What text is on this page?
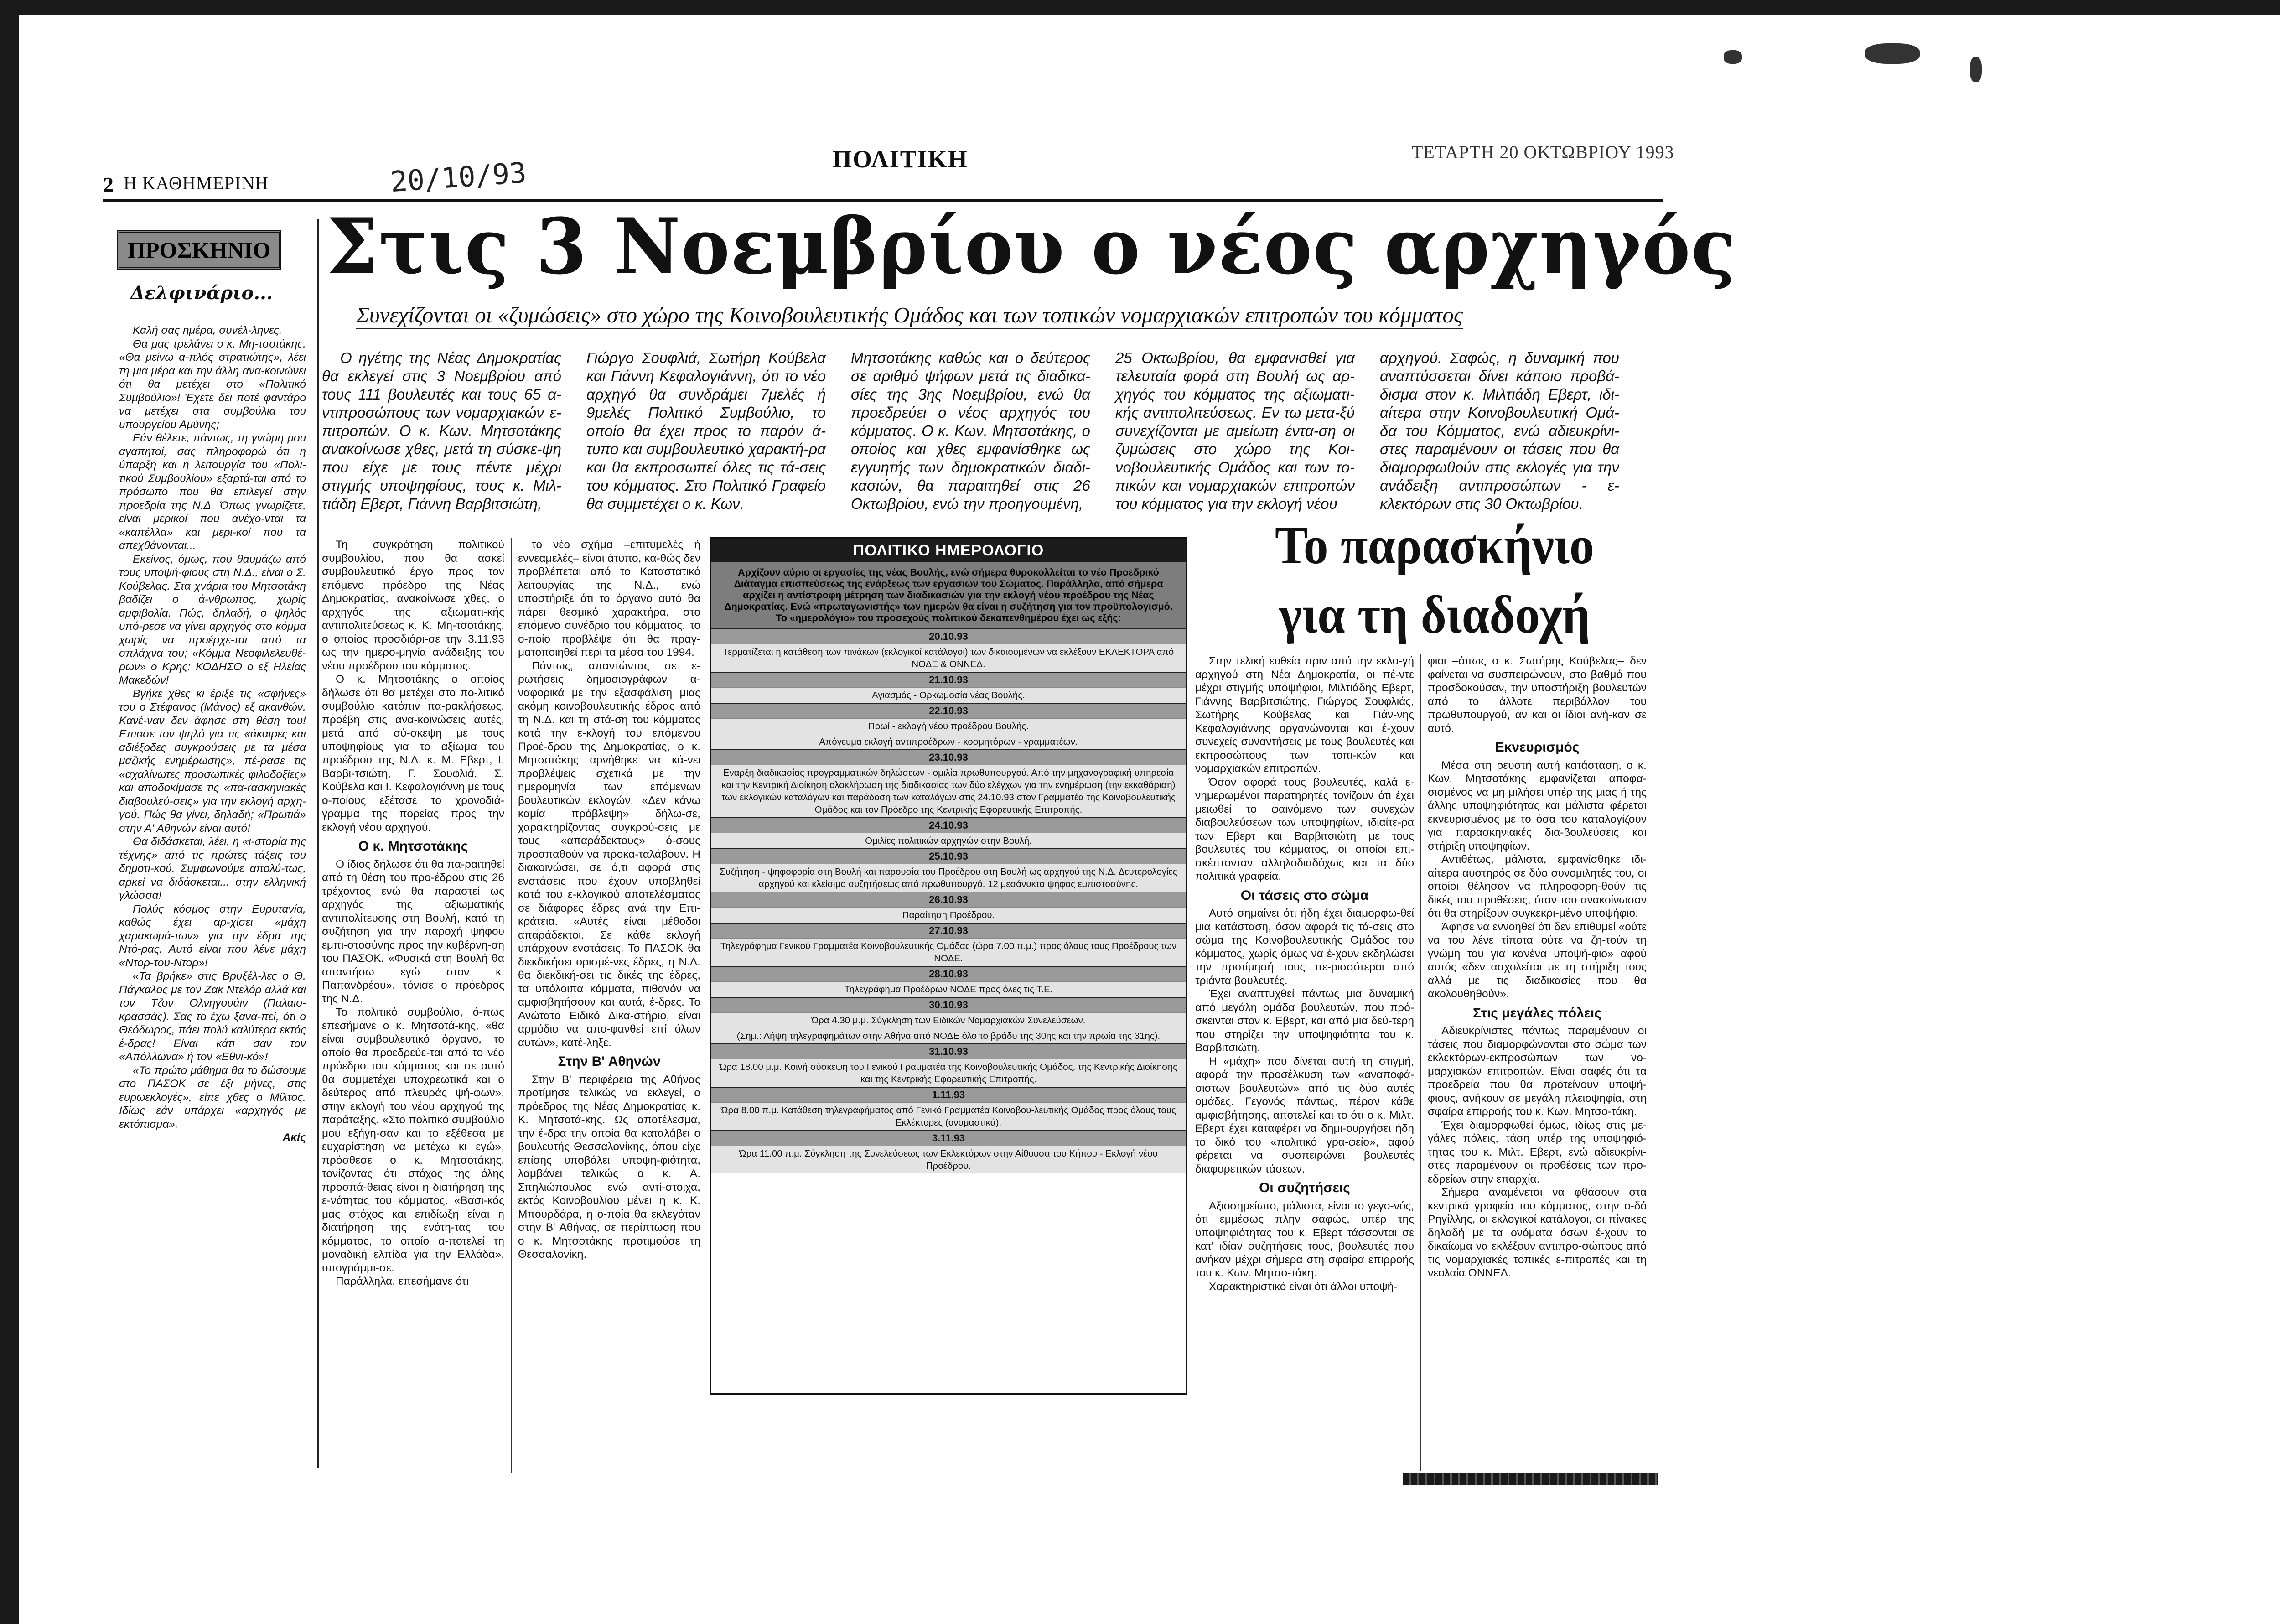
2 Η ΚΑΘΗΜΕΡΙΝΗ	20/10/93	ΠΟΛΙΤΙΚΗ	ΤΕΤΑΡΤΗ 20 ΟΚΤΩΒΡΙΟΥ 1993
ΠΡΟΣΚΗΝΙΟ
Δελφινάριο...

Καλή σας ημέρα, συνέλ-ληνες.

Θα μας τρελάνει ο κ. Μη-τσοτάκης. «Θα μείνω α-πλός στρατιώτης», λέει τη μια μέρα και την άλλη ανα-κοινώνει ότι θα μετέχει στο «Πολιτικό Συμβούλιο»! Έχετε δει ποτέ φαντάρο να μετέχει στα συμβούλια του υπουργείου Αμύνης;

Εάν θέλετε, πάντως, τη γνώμη μου αγαπητοί, σας πληροφορώ ότι η ύπαρξη και η λειτουργία του «Πολι-τικού Συμβουλίου» εξαρτά-ται από το πρόσωπο που θα επιλεγεί στην προεδρία της Ν.Δ. Όπως γνωρίζετε, είναι μερικοί που ανέχο-νται τα «καπέλλα» και μερι-κοί που τα απεχθάνονται...

Εκείνος, όμως, που θαυμάζω από τους υποψή-φιους στη Ν.Δ., είναι ο Σ. Κούβελας. Στα χνάρια του Μητσοτάκη βαδίζει ο ά-νθρωπος, χωρίς αμφιβολία. Πώς, δηλαδή, ο ψηλός υπό-ρεσε να γίνει αρχηγός στο κόμμα χωρίς να προέρχε-ται από τα σπλάχνα του; «Κόμμα Νεοφιλελευθέ-ρων» ο Κρης: ΚΟΔΗΣΟ ο εξ Ηλείας Μακεδών!

Βγήκε χθες κι έριξε τις «σφήνες» του ο Στέφανος (Μάνος) εξ ακανθών. Κανέ-ναν δεν άφησε στη θέση του! Επιασε τον ψηλό για τις «άκαιρες και αδιέξοδες συγκρούσεις με τα μέσα μαζικής ενημέρωσης», πέ-ρασε τις «αχαλίνωτες προσωπικές φιλοδοξίες» και αποδοκίμασε τις «πα-rασκηνιακές διαβουλεύ-σεις» για την εκλογή αρχη-γού. Πώς θα γίνει, δηλαδή; «Πρωτιά» στην Α' Αθηνών είναι αυτό!

Θα διδάσκεται, λέει, η «ι-στορία της τέχνης» από τις πρώτες τάξεις του δημοτι-κού. Συμφωνούμε απολύ-τως, αρκεί να διδάσκεται... στην ελληνική γλώσσα!

Πολύς κόσμος στην Ευρυτανία, καθώς έχει αρ-χίσει «μάχη χαρακωμά-των» για την έδρα της Ντό-ρας. Αυτό είναι που λένε μάχη «Ντορ-του-Ντορ»!

«Τα βρήκε» στις Βρυξέλ-λες ο Θ. Πάγκαλος με τον Ζακ Ντελόρ αλλά και τον Τζον Ολνηγουάιν (Παλαιο-κρασσάς). Σας το έχω ξανα-πεί, ότι ο Θεόδωρος, πάει πολύ καλύτερα εκτός έ-δρας! Είναι κάτι σαν τον «Απόλλωνα» ή τον «Εθνι-κό»!

«Το πρώτο μάθημα θα το δώσουμε στο ΠΑΣΟΚ σε έξι μήνες, στις ευρωεκλογές», είπε χθες ο Μίλτος. Ιδίως εάν υπάρχει «αρχηγός με εκτόπισμα».

Ακίς
Στις 3 Νοεμβρίου ο νέος αρχηγός
Συνεχίζονται οι «ζυμώσεις» στο χώρο της Κοινοβουλευτικής Ομάδος και των τοπικών νομαρχιακών επιτροπών του κόμματος

Ο ηγέτης της Νέας Δημοκρατίας θα εκλεγεί στις 3 Νοεμβρίου από τους 111 βουλευτές και τους 65 α-ντιπροσώπους των νομαρχιακών ε-πιτροπών. Ο κ. Κων. Μητσοτάκης ανακοίνωσε χθες, μετά τη σύσκε-ψη που είχε με τους πέντε μέχρι στιγμής υποψηφίους, τους κ. Μιλ-τιάδη Εβερτ, Γιάννη Βαρβιτσιώτη,

Γιώργο Σουφλιά, Σωτήρη Κούβελα και Γιάννη Κεφαλογιάννη, ότι το νέο αρχηγό θα συνδράμει 7μελές ή 9μελές Πολιτικό Συμβούλιο, το οποίο θα έχει προς το παρόν ά-τυπο και συμβουλευτικό χαρακτή-ρα και θα εκπροσωπεί όλες τις τά-σεις του κόμματος. Στο Πολιτικό Γραφείο θα συμμετέχει ο κ. Κων.

Μητσοτάκης καθώς και ο δεύτερος σε αριθμό ψήφων μετά τις διαδικα-σίες της 3ης Νοεμβρίου, ενώ θα προεδρεύει ο νέος αρχηγός του κόμματος. Ο κ. Κων. Μητσοτάκης, ο οποίος και χθες εμφανίσθηκε ως εγγυητής των δημοκρατικών διαδι-κασιών, θα παραιτηθεί στις 26 Οκτωβρίου, ενώ την προηγουμένη,

25 Οκτωβρίου, θα εμφανισθεί για τελευταία φορά στη Βουλή ως αρ-χηγός του κόμματος της αξιωματι-κής αντιπολιτεύσεως. Εν τω μετα-ξύ συνεχίζονται με αμείωτη έντα-ση οι ζυμώσεις στο χώρο της Κοι-νοβουλευτικής Ομάδος και των το-πικών και νομαρχιακών επιτροπών του κόμματος για την εκλογή νέου

αρχηγού. Σαφώς, η δυναμική που αναπτύσσεται δίνει κάποιο προβά-δισμα στον κ. Μιλτιάδη Εβερτ, ιδι-αίτερα στην Κοινοβουλευτική Ομά-δα του Κόμματος, ενώ αδιευκρίνι-στες παραμένουν οι τάσεις που θα διαμορφωθούν στις εκλογές για την ανάδειξη αντιπροσώπων - ε-κλεκτόρων στις 30 Οκτωβρίου.

Τη συγκρότηση πολιτικού συμβουλίου, που θα ασκεί συμβουλευτικό έργο προς τον επόμενο πρόεδρο της Νέας Δημοκρατίας, ανακοίνωσε χθες, ο αρχηγός της αξιωματι-κής αντιπολιτεύσεως κ. Κ. Μη-τσοτάκης, ο οποίος προσδιόρι-σε την 3.11.93 ως την ημερο-μηνία ανάδειξης του νέου προέδρου του κόμματος.

Ο κ. Μητσοτάκης ο οποίος δήλωσε ότι θα μετέχει στο πο-λιτικό συμβούλιο κατόπιν πα-ρακλήσεως, προέβη στις ανα-κοινώσεις αυτές, μετά από σύ-σκεψη με τους υποψηφίους για το αξίωμα του προέδρου της Ν.Δ. κ. Μ. Εβερτ, Ι. Βαρβι-τσιώτη, Γ. Σουφλιά, Σ. Κούβελα και Ι. Κεφαλογιάννη με τους ο-ποίους εξέτασε το χρονοδιά-γραμμα της πορείας προς την εκλογή νέου αρχηγού.

Ο κ. Μητσοτάκης

Ο ίδιος δήλωσε ότι θα πα-ραιτηθεί από τη θέση του προ-έδρου στις 26 τρέχοντος ενώ θα παραστεί ως αρχηγός της αξιωματικής αντιπολίτευσης στη Βουλή, κατά τη συζήτηση για την παροχή ψήφου εμπι-στοσύνης προς την κυβέρνη-ση του ΠΑΣΟΚ. «Φυσικά στη Βουλή θα απαντήσω εγώ στον κ. Παπανδρέου», τόνισε ο πρόεδρος της Ν.Δ.

Το πολιτικό συμβούλιο, ό-πως επεσήμανε ο κ. Μητσοτά-κης, «θα είναι συμβουλευτικό όργανο, το οποίο θα προεδρεύε-ται από το νέο πρόεδρο του κόμματος και σε αυτό θα συμμετέχει υποχρεωτικά και ο δεύτερος από πλευράς ψή-φων», στην εκλογή του νέου αρχηγού της παράταξης. «Στο πολιτικό συμβούλιο μου εξήγη-σαν και το εξέθεσα με ευχαρίστηση να μετέχω κι εγώ», πρόσθεσε ο κ. Μητσοτάκης, τονίζοντας ότι στόχος της όλης προσπά-θειας είναι η διατήρηση της ε-νότητας του κόμματος. «Βασι-κός μας στόχος και επιδίωξη είναι η διατήρηση της ενότη-τας του κόμματος, το οποίο α-ποτελεί τη μοναδική ελπίδα για την Ελλάδα», υπογράμμι-σε.

Παράλληλα, επεσήμανε ότι

το νέο σχήμα –επιτυμελές ή εννεαμελές– είναι άτυπο, κα-θώς δεν προβλέπεται από το Καταστατικό λειτουργίας της Ν.Δ., ενώ υποστήριξε ότι το όργανο αυτό θα πάρει θεσμικό χαρακτήρα, στο επόμενο συνέδριο του κόμματος, το ο-ποίο προβλέψε ότι θα πραγ-ματοποιηθεί περί τα μέσα του 1994.

Πάντως, απαντώντας σε ε-ρωτήσεις δημοσιογράφων α-ναφορικά με την εξασφάλιση μιας ακόμη κοινοβουλευτικής έδρας από τη Ν.Δ. και τη στά-ση του κόμματος κατά την ε-κλογή του επόμενου Προέ-δρου της Δημοκρατίας, ο κ. Μητσοτάκης αρνήθηκε να κά-νει προβλέψεις σχετικά με την ημερομηνία των επόμενων βουλευτικών εκλογών. «Δεν κάνω καμία πρόβλεψη» δήλω-σε, χαρακτηρίζοντας συγκρού-σεις με τους «απαράδεκτους» ό-σους προσπαθούν να προκα-ταλάβουν. Η διακοινώσει, σε ό,τι αφορά στις ενστάσεις που έχουν υποβληθεί κατά του ε-κλογικού αποτελέσματος σε διάφορες έδρες ανά την Επι-κράτεια. «Αυτές είναι μέθοδοι απαράδεκτοι. Σε κάθε εκλογή υπάρχουν ενστάσεις. Το ΠΑΣΟΚ θα διεκδικήσει ορισμέ-νες έδρες, η Ν.Δ. θα διεκδική-σει τις δικές της έδρες, τα υπόλοιπα κόμματα, πιθανόν να αμφισβητήσουν και αυτά, έ-δρες. Το Ανώτατο Ειδικό Δικα-στήριο, είναι αρμόδιο να απο-φανθεί επί όλων αυτών», κατέ-ληξε.

Στην Β' Αθηνών

Στην Β' περιφέρεια της Αθήνας προτίμησε τελικώς να εκλεγεί, ο πρόεδρος της Νέας Δημοκρατίας κ. Κ. Μητσοτά-κης. Ως αποτέλεσμα, την έ-δρα την οποία θα καταλάβει ο βουλευτής Θεσσαλονίκης, όπου είχε επίσης υποβάλει υποψη-φιότητα, λαμβάνει τελικώς ο κ. Α. Σπηλιώπουλος ενώ αντί-στοιχα, εκτός Κοινοβουλίου μένει η κ. Κ. Μπουρδάρα, η ο-ποία θα εκλεγόταν στην Β' Αθήνας, σε περίπτωση που ο κ. Μητσοτάκης προτιμούσε τη Θεσσαλονίκη.

ΠΟΛΙΤΙΚΟ ΗΜΕΡΟΛΟΓΙΟ
Αρχίζουν αύριο οι εργασίες της νέας Βουλής, ενώ σήμερα θυροκολλείται το νέο Προεδρικό Διάταγμα επισπεύσεως της ενάρξεως των εργασιών του Σώματος. Παράλληλα, από σήμερα αρχίζει η αντίστροφη μέτρηση των διαδικασιών για την εκλογή νέου προέδρου της Νέας Δημοκρατίας. Ενώ «πρωταγωνιστής» των ημερών θα είναι η συζήτηση για τον προϋπολογισμό. Το «ημερολόγιο» του προσεχούς πολιτικού δεκαπενθημέρου έχει ως εξής:
20.10.93
Τερματίζεται η κατάθεση των πινάκων (εκλογικοί κατάλογοι) των δικαιουμένων να εκλέξουν ΕΚΛΕΚΤΟΡΑ από ΝΟΔΕ & ΟΝΝΕΔ.
21.10.93
Αγιασμός - Ορκωμοσία νέας Βουλής.
22.10.93
Πρωί - εκλογή νέου προέδρου Βουλής.
Απόγευμα εκλογή αντιπροέδρων - κοσμητόρων - γραμματέων.
23.10.93
Εναρξη διαδικασίας προγραμματικών δηλώσεων - ομιλία πρωθυπουργού. Από την μηχανογραφική υπηρεσία και την Κεντρική Διοίκηση ολοκλήρωση της διαδικασίας των δύο ελέγχων για την ενημέρωση (την εκκαθάριση) των εκλογικών καταλόγων και παράδοση των καταλόγων στις 24.10.93 στον Γραμματέα της Κοινοβουλευτικής Ομάδος και τον Πρόεδρο της Κεντρικής Εφορευτικής Επιτροπής.
24.10.93
Ομιλίες πολιτικών αρχηγών στην Βουλή.
25.10.93
Συζήτηση - ψηφοφορία στη Βουλή και παρουσία του Προέδρου στη Βουλή ως αρχηγού της Ν.Δ. Δευτερολογίες αρχηγού και κλείσιμο συζητήσεως από πρωθυπουργό. 12 μεσάνυκτα ψήφος εμπιστοσύνης.
26.10.93
Παραίτηση Προέδρου.
27.10.93
Τηλεγράφημα Γενικού Γραμματέα Κοινοβουλευτικής Ομάδας (ώρα 7.00 π.μ.) προς όλους τους Προέδρους των ΝΟΔΕ.
28.10.93
Τηλεγράφημα Προέδρων ΝΟΔΕ προς όλες τις Τ.Ε.
30.10.93
Ώρα 4.30 μ.μ. Σύγκληση των Ειδικών Νομαρχιακών Συνελεύσεων.
(Σημ.: Λήψη τηλεγραφημάτων στην Αθήνα από ΝΟΔΕ όλο το βράδυ της 30ης και την πρωία της 31ης).
31.10.93
Ώρα 18.00 μ.μ. Κοινή σύσκεψη του Γενικού Γραμματέα της Κοινοβουλευτικής Ομάδος, της Κεντρικής Διοίκησης και της Κεντρικής Εφορευτικής Επιτροπής.
1.11.93
Ώρα 8.00 π.μ. Κατάθεση τηλεγραφήματος από Γενικό Γραμματέα Κοινοβου-λευτικής Ομάδος προς όλους τους Εκλέκτορες (ονομαστικά).
3.11.93
Ώρα 11.00 π.μ. Σύγκληση της Συνελεύσεως των Εκλεκτόρων στην Αίθουσα του Κήπου - Εκλογή νέου Προέδρου.
Το παρασκήνιο
για τη διαδοχή

Στην τελική ευθεία πριν από την εκλο-γή αρχηγού στη Νέα Δημοκρατία, οι πέ-ντε μέχρι στιγμής υποψήφιοι, Μιλτιάδης Εβερτ, Γιάννης Βαρβιτσιώτης, Γιώργος Σουφλιάς, Σωτήρης Κούβελας και Γιάν-νης Κεφαλογιάννης οργανώνονται και έ-χουν συνεχείς συναντήσεις με τους βουλευτές και εκπροσώπους των τοπι-κών και νομαρχιακών επιτροπών.

Όσον αφορά τους βουλευτές, καλά ε-νημερωμένοι παρατηρητές τονίζουν ότι έχει μειωθεί το φαινόμενο των συνεχών διαβουλεύσεων των υποψηφίων, ιδιαίτε-ρα των Εβερτ και Βαρβιτσιώτη με τους βουλευτές του κόμματος, οι οποίοι επι-σκέπτονταν αλληλοδιαδόχως και τα δύο πολιτικά γραφεία.

Οι τάσεις στο σώμα

Αυτό σημαίνει ότι ήδη έχει διαμορφω-θεί μια κατάσταση, όσον αφορά τις τά-σεις στο σώμα της Κοινοβουλευτικής Ομάδος του κόμματος, χωρίς όμως να έ-χουν εκδηλώσει την προτίμησή τους πε-ρισσότεροι από τριάντα βουλευτές.

Έχει αναπτυχθεί πάντως μια δυναμική από μεγάλη ομάδα βουλευτών, που πρό-σκεινται στον κ. Εβερτ, και από μια δεύ-τερη που στηρίζει την υποψηφιότητα του κ. Βαρβιτσιώτη.

Η «μάχη» που δίνεται αυτή τη στιγμή, αφορά την προσέλκυση των «αναποφά-σιστων βουλευτών» από τις δύο αυτές ομάδες. Γεγονός πάντως, πέραν κάθε αμφισβήτησης, αποτελεί και το ότι ο κ. Μιλτ. Εβερτ έχει καταφέρει να δημι-ουργήσει ήδη το δικό του «πολιτικό γρα-φείο», αφού φέρεται να συσπειρώνει βουλευτές διαφορετικών τάσεων.

Οι συζητήσεις

Αξιοσημείωτο, μάλιστα, είναι το γεγο-νός, ότι εμμέσως πλην σαφώς, υπέρ της υποψηφιότητας του κ. Εβερτ τάσσονται σε κατ' ιδίαν συζητήσεις τους, βουλευτές που ανήκαν μέχρι σήμερα στη σφαίρα επιρροής του κ. Κων. Μητσο-τάκη.

Χαρακτηριστικό είναι ότι άλλοι υποψή-

φιοι –όπως ο κ. Σωτήρης Κούβελας– δεν φαίνεται να συσπειρώνουν, στο βαθμό που προσδοκούσαν, την υποστήριξη βουλευτών από το άλλοτε περιβάλλον του πρωθυπουργού, αν και οι ίδιοι ανή-καν σε αυτό.

Εκνευρισμός

Μέσα στη ρευστή αυτή κατάσταση, ο κ. Κων. Μητσοτάκης εμφανίζεται αποφα-σισμένος να μη μιλήσει υπέρ της μιας ή της άλλης υποψηφιότητας και μάλιστα φέρεται εκνευρισμένος με το όσα του καταλογίζουν για παρασκηνιακές δια-βουλεύσεις και στήριξη υποψηφίων.

Αντιθέτως, μάλιστα, εμφανίσθηκε ιδι-αίτερα αυστηρός σε δύο συνομιλητές του, οι οποίοι θέλησαν να πληροφορη-θούν τις δικές του προθέσεις, όταν του ανακοίνωσαν ότι θα στηρίξουν συγκεκρι-μένο υποψήφιο.

Άφησε να εννοηθεί ότι δεν επιθυμεί «ούτε να του λένε τίποτα ούτε να ζη-τούν τη γνώμη του για κανένα υποψή-φιο» αφού αυτός «δεν ασχολείται με τη στήριξη τους αλλά με τις διαδικασίες που θα ακολουθηθούν».

Στις μεγάλες πόλεις

Αδιευκρίνιστες πάντως παραμένουν οι τάσεις που διαμορφώνονται στο σώμα των εκλεκτόρων-εκπροσώπων των νο-μαρχιακών επιτροπών. Είναι σαφές ότι τα προεδρεία που θα προτείνουν υποψή-φιους, ανήκουν σε μεγάλη πλειοψηφία, στη σφαίρα επιρροής του κ. Κων. Μητσο-τάκη.

Έχει διαμορφωθεί όμως, ιδίως στις με-γάλες πόλεις, τάση υπέρ της υποψηφιό-τητας του κ. Μιλτ. Εβερτ, ενώ αδιευκρίνι-στες παραμένουν οι προθέσεις των προ-εδρείων στην επαρχία.

Σήμερα αναμένεται να φθάσουν στα κεντρικά γραφεία του κόμματος, στην ο-δό Ρηγίλλης, οι εκλογικοί κατάλογοι, οι πίνακες δηλαδή με τα ονόματα όσων έ-χουν το δικαίωμα να εκλέξουν αντιπρο-σώπους από τις νομαρχιακές τοπικές ε-πιτροπές και τη νεολαία ΟΝΝΕΔ.
